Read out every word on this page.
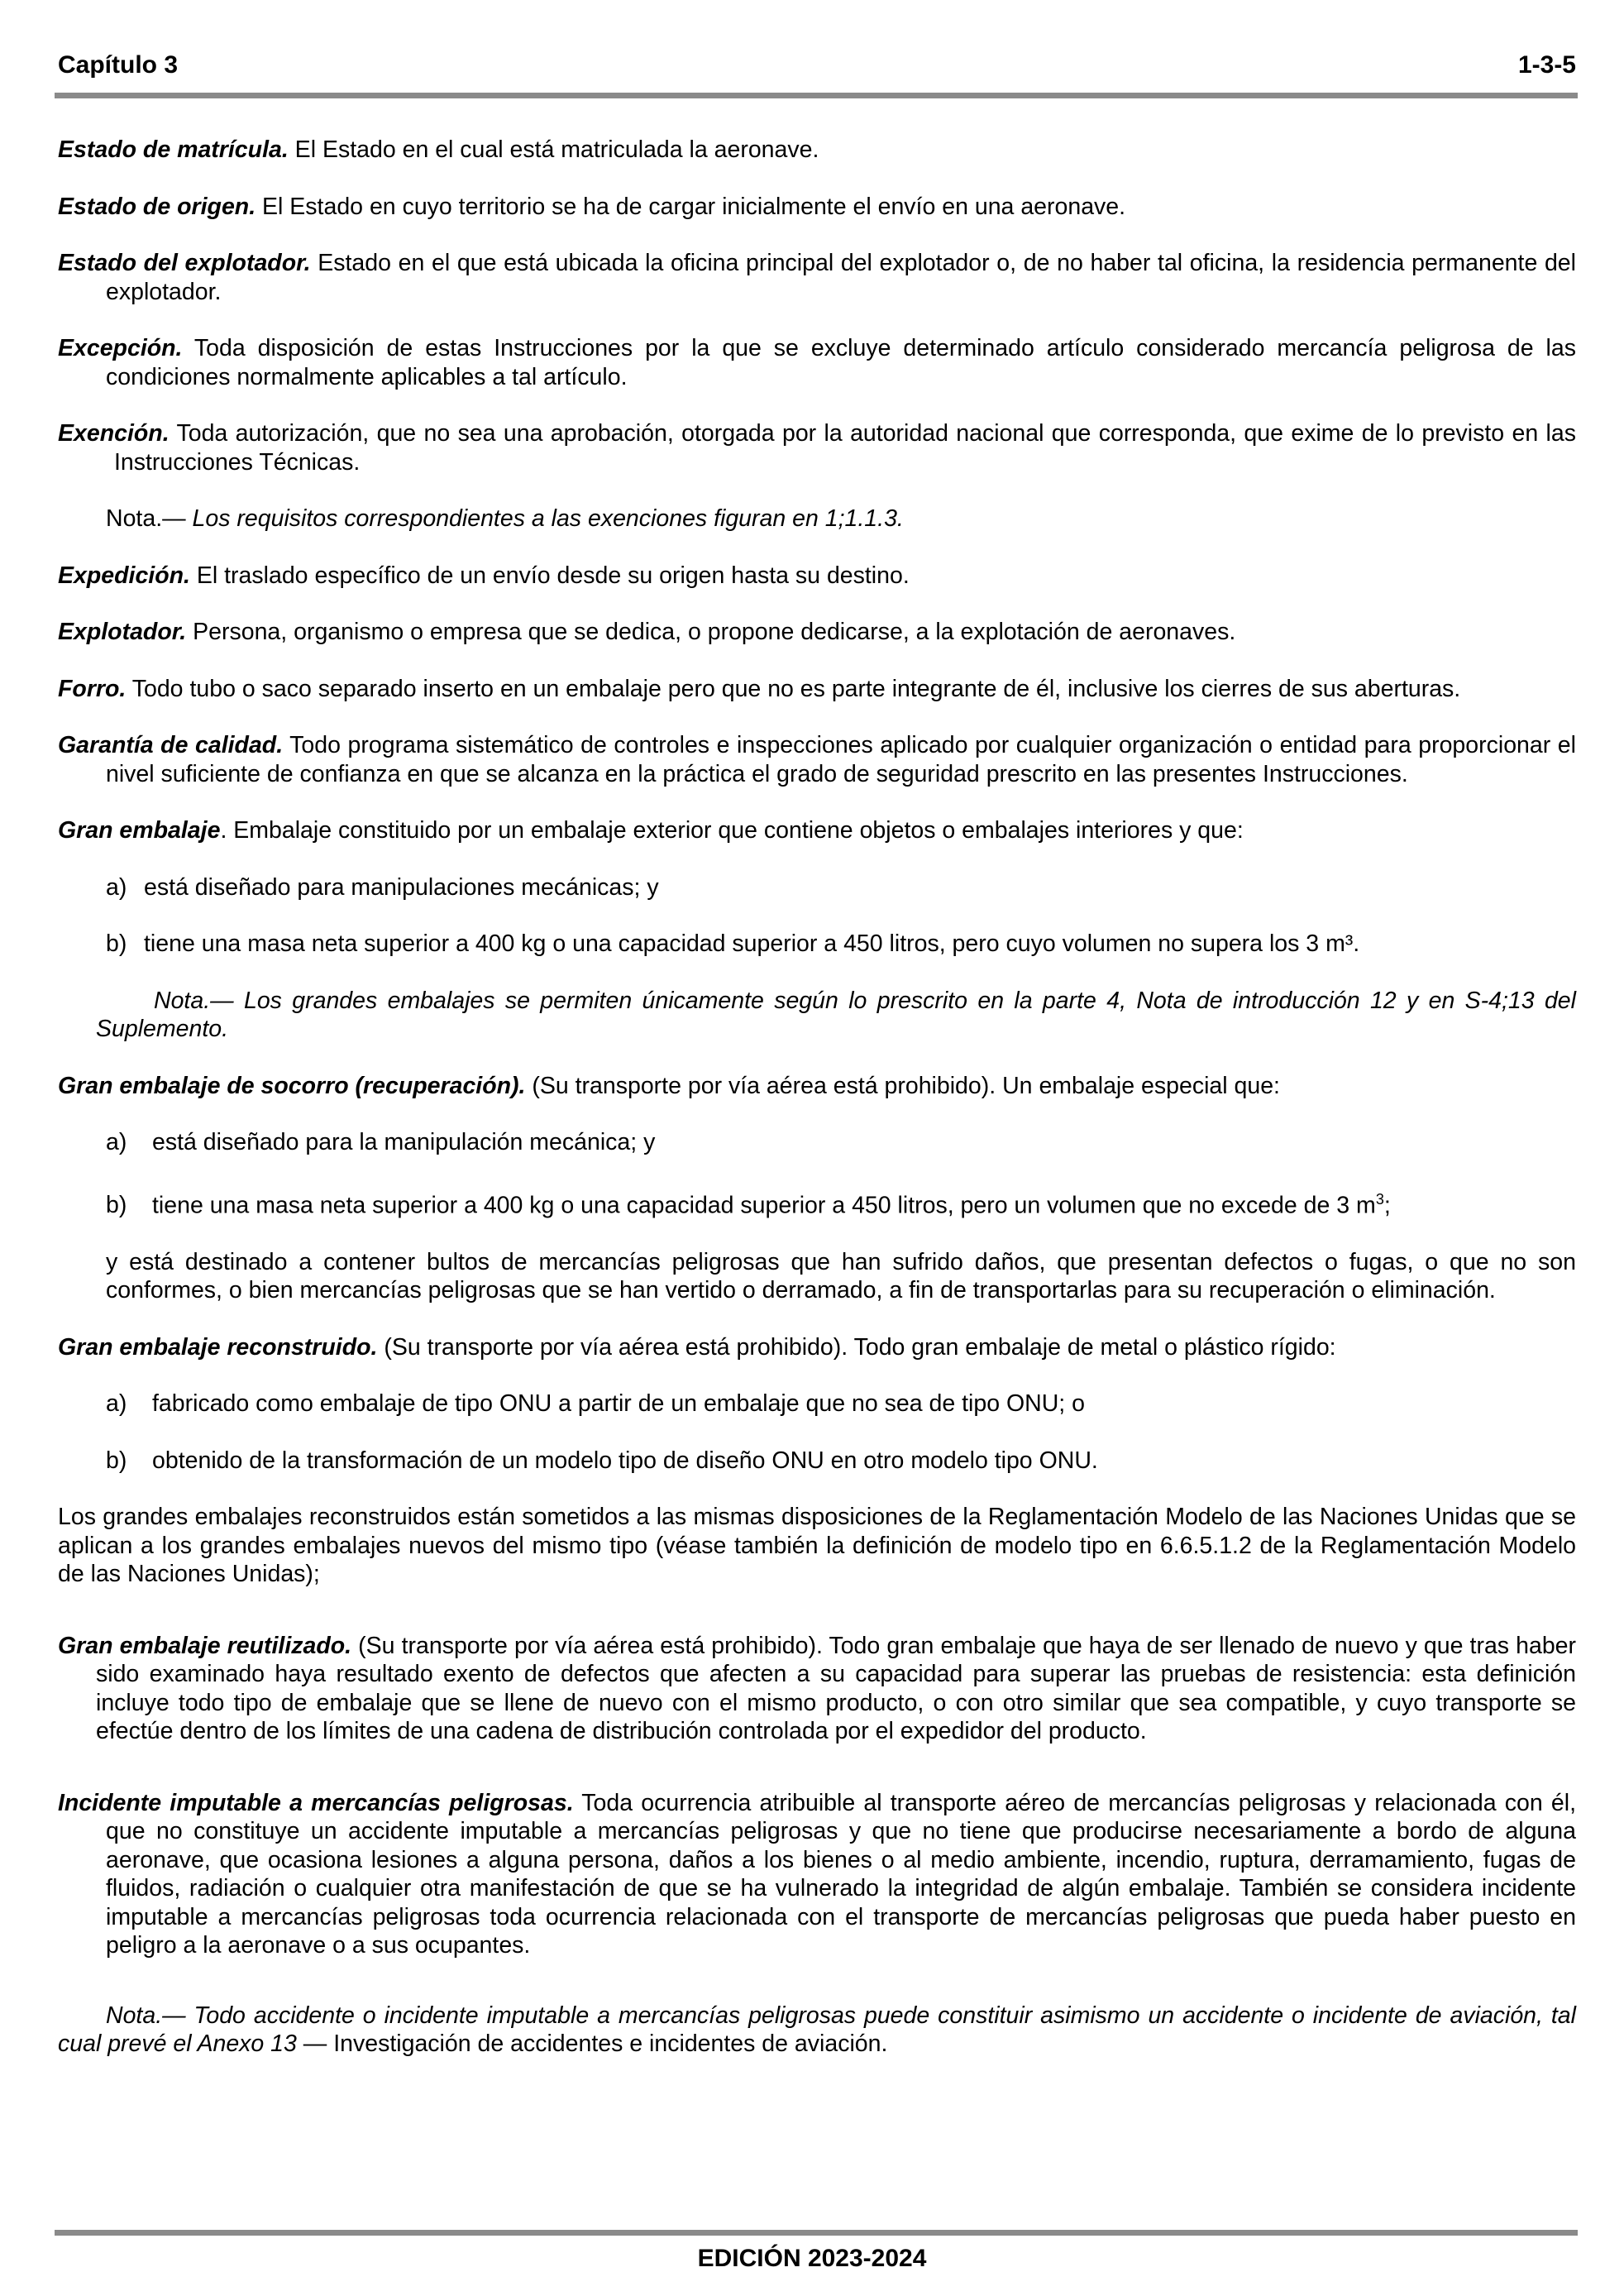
Capítulo 3	1-3-5

Estado de matrícula. El Estado en el cual está matriculada la aeronave.

Estado de origen. El Estado en cuyo territorio se ha de cargar inicialmente el envío en una aeronave.

Estado del explotador. Estado en el que está ubicada la oficina principal del explotador o, de no haber tal oficina, la residencia permanente del explotador.

Excepción. Toda disposición de estas Instrucciones por la que se excluye determinado artículo considerado mercancía peligrosa de las condiciones normalmente aplicables a tal artículo.

Exención. Toda autorización, que no sea una aprobación, otorgada por la autoridad nacional que corresponda, que exime de lo previsto en las Instrucciones Técnicas.

Nota.— Los requisitos correspondientes a las exenciones figuran en 1;1.1.3.

Expedición. El traslado específico de un envío desde su origen hasta su destino.

Explotador. Persona, organismo o empresa que se dedica, o propone dedicarse, a la explotación de aeronaves.

Forro. Todo tubo o saco separado inserto en un embalaje pero que no es parte integrante de él, inclusive los cierres de sus aberturas.

Garantía de calidad. Todo programa sistemático de controles e inspecciones aplicado por cualquier organización o entidad para proporcionar el nivel suficiente de confianza en que se alcanza en la práctica el grado de seguridad prescrito en las presentes Instrucciones.

Gran embalaje. Embalaje constituido por un embalaje exterior que contiene objetos o embalajes interiores y que:

a) está diseñado para manipulaciones mecánicas; y

b) tiene una masa neta superior a 400 kg o una capacidad superior a 450 litros, pero cuyo volumen no supera los 3 m³.

Nota.— Los grandes embalajes se permiten únicamente según lo prescrito en la parte 4, Nota de introducción 12 y en S-4;13 del Suplemento.

Gran embalaje de socorro (recuperación). (Su transporte por vía aérea está prohibido). Un embalaje especial que:

a) está diseñado para la manipulación mecánica; y

b) tiene una masa neta superior a 400 kg o una capacidad superior a 450 litros, pero un volumen que no excede de 3 $m^3$;

y está destinado a contener bultos de mercancías peligrosas que han sufrido daños, que presentan defectos o fugas, o que no son conformes, o bien mercancías peligrosas que se han vertido o derramado, a fin de transportarlas para su recuperación o eliminación.

Gran embalaje reconstruido. (Su transporte por vía aérea está prohibido). Todo gran embalaje de metal o plástico rígido:

a) fabricado como embalaje de tipo ONU a partir de un embalaje que no sea de tipo ONU; o

b) obtenido de la transformación de un modelo tipo de diseño ONU en otro modelo tipo ONU.

Los grandes embalajes reconstruidos están sometidos a las mismas disposiciones de la Reglamentación Modelo de las Naciones Unidas que se aplican a los grandes embalajes nuevos del mismo tipo (véase también la definición de modelo tipo en 6.6.5.1.2 de la Reglamentación Modelo de las Naciones Unidas);

Gran embalaje reutilizado. (Su transporte por vía aérea está prohibido). Todo gran embalaje que haya de ser llenado de nuevo y que tras haber sido examinado haya resultado exento de defectos que afecten a su capacidad para superar las pruebas de resistencia: esta definición incluye todo tipo de embalaje que se llene de nuevo con el mismo producto, o con otro similar que sea compatible, y cuyo transporte se efectúe dentro de los límites de una cadena de distribución controlada por el expedidor del producto.

Incidente imputable a mercancías peligrosas. Toda ocurrencia atribuible al transporte aéreo de mercancías peligrosas y relacionada con él, que no constituye un accidente imputable a mercancías peligrosas y que no tiene que producirse necesariamente a bordo de alguna aeronave, que ocasiona lesiones a alguna persona, daños a los bienes o al medio ambiente, incendio, ruptura, derramamiento, fugas de fluidos, radiación o cualquier otra manifestación de que se ha vulnerado la integridad de algún embalaje. También se considera incidente imputable a mercancías peligrosas toda ocurrencia relacionada con el transporte de mercancías peligrosas que pueda haber puesto en peligro a la aeronave o a sus ocupantes.

Nota.— Todo accidente o incidente imputable a mercancías peligrosas puede constituir asimismo un accidente o incidente de aviación, tal cual prevé el Anexo 13 — Investigación de accidentes e incidentes de aviación.

EDICIÓN 2023-2024
